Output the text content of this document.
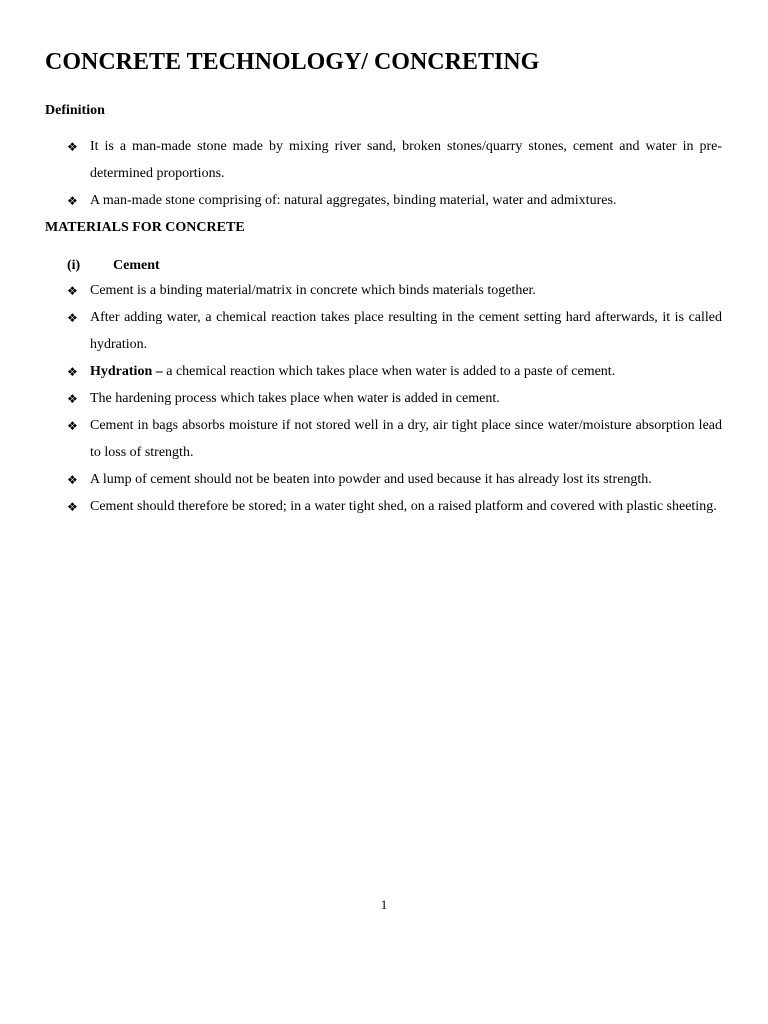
CONCRETE TECHNOLOGY/ CONCRETING
Definition
❖ It is a man-made stone made by mixing river sand, broken stones/quarry stones, cement and water in pre-determined proportions.
❖ A man-made stone comprising of: natural aggregates, binding material, water and admixtures.
MATERIALS FOR CONCRETE
(i) Cement
❖ Cement is a binding material/matrix in concrete which binds materials together.
❖ After adding water, a chemical reaction takes place resulting in the cement setting hard afterwards, it is called hydration.
❖ Hydration – a chemical reaction which takes place when water is added to a paste of cement.
❖ The hardening process which takes place when water is added in cement.
❖ Cement in bags absorbs moisture if not stored well in a dry, air tight place since water/moisture absorption lead to loss of strength.
❖ A lump of cement should not be beaten into powder and used because it has already lost its strength.
❖ Cement should therefore be stored; in a water tight shed, on a raised platform and covered with plastic sheeting.
1
